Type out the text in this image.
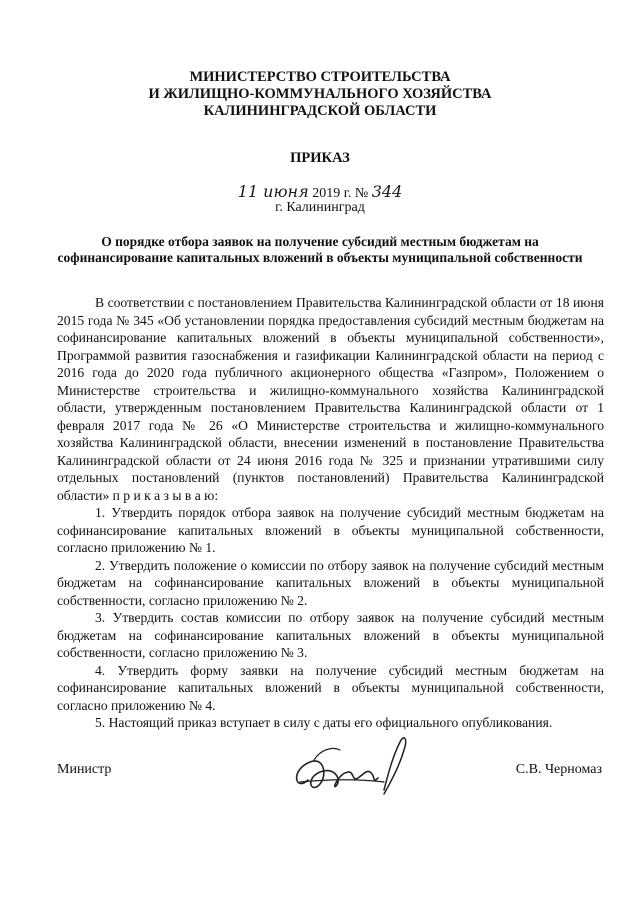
МИНИСТЕРСТВО СТРОИТЕЛЬСТВА
И ЖИЛИЩНО-КОММУНАЛЬНОГО ХОЗЯЙСТВА
КАЛИНИНГРАДСКОЙ ОБЛАСТИ
ПРИКАЗ
11 июня 2019 г. № 344
г. Калининград
О порядке отбора заявок на получение субсидий местным бюджетам на
софинансирование капитальных вложений в объекты муниципальной собственности

В соответствии с постановлением Правительства Калининградской области от 18 июня 2015 года № 345 «Об установлении порядка предоставления субсидий местным бюджетам на софинансирование капитальных вложений в объекты муниципальной собственности», Программой развития газоснабжения и газификации Калининградской области на период с 2016 года до 2020 года публичного акционерного общества «Газпром», Положением о Министерстве строительства и жилищно-коммунального хозяйства Калининградской области, утвержденным постановлением Правительства Калининградской области от 1 февраля 2017 года № 26 «О Министерстве строительства и жилищно-коммунального хозяйства Калининградской области, внесении изменений в постановление Правительства Калининградской области от 24 июня 2016 года № 325 и признании утратившими силу отдельных постановлений (пунктов постановлений) Правительства Калининградской области» п р и к а з ы в а ю:

1. Утвердить порядок отбора заявок на получение субсидий местным бюджетам на софинансирование капитальных вложений в объекты муниципальной собственности, согласно приложению № 1.

2. Утвердить положение о комиссии по отбору заявок на получение субсидий местным бюджетам на софинансирование капитальных вложений в объекты муниципальной собственности, согласно приложению № 2.

3. Утвердить состав комиссии по отбору заявок на получение субсидий местным бюджетам на софинансирование капитальных вложений в объекты муниципальной собственности, согласно приложению № 3.

4. Утвердить форму заявки на получение субсидий местным бюджетам на софинансирование капитальных вложений в объекты муниципальной собственности, согласно приложению № 4.

5. Настоящий приказ вступает в силу с даты его официального опубликования.

Министр	С.В. Черномаз
